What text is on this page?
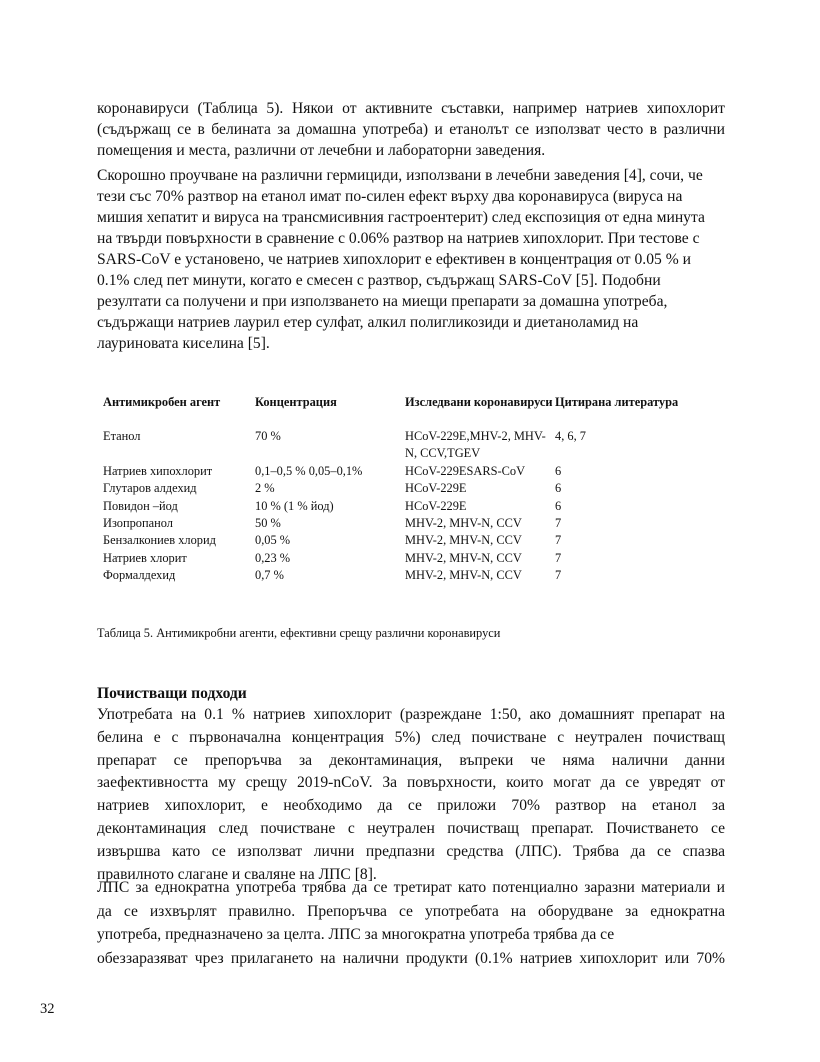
коронавируси (Таблица 5). Някои от активните съставки, например натриев хипохлорит
(съдържащ се в белината за домашна употреба) и етанолът се използват често в различни
помещения и места, различни от лечебни и лабораторни заведения.
Скорошно проучване на различни гермициди, използвани в лечебни заведения [4], сочи, че
тези със 70% разтвор на етанол имат по-силен ефект върху два коронавируса (вируса на
мишия хепатит и вируса на трансмисивния гастроентерит) след експозиция от една минута
на твърди повърхности в сравнение с 0.06% разтвор на натриев хипохлорит. При тестове с
SARS-CoV е установено, че натриев хипохлорит е ефективен в концентрация от 0.05 % и
0.1% след пет минути, когато е смесен с разтвор, съдържащ SARS-CoV [5]. Подобни
резултати са получени и при използването на миещи препарати за домашна употреба,
съдържащи натриев лаурил етер сулфат, алкил полигликозиди и диетаноламид на
лауриновата киселина [5].
Антимикробен агент	Концентрация	Изследвани коронавируси	Цитирана литература
Етанол	70 %	HCoV-229E,MHV-2, MHV-N, CCV,TGEV	4, 6, 7
Натриев хипохлорит	0,1–0,5 % 0,05–0,1%	HCoV-229ESARS-CoV	6
Глутаров алдехид	2 %	HCoV-229E	6
Повидон –йод	10 % (1 % йод)	HCoV-229E	6
Изопропанол	50 %	MHV-2, MHV-N, CCV	7
Бензалкониев хлорид	0,05 %	MHV-2, MHV-N, CCV	7
Натриев хлорит	0,23 %	MHV-2, MHV-N, CCV	7
Формалдехид	0,7 %	MHV-2, MHV-N, CCV	7
Таблица 5. Антимикробни агенти, ефективни срещу различни коронавируси
Почистващи подходи
Употребата на 0.1 % натриев хипохлорит (разреждане 1:50, ако домашният препарат на
белина е с първоначална концентрация 5%) след почистване с неутрален почистващ
препарат се препоръчва за деконтаминация, въпреки че няма налични данни
заефективността му срещу 2019-nCoV. За повърхности, които могат да се увредят от
натриев хипохлорит, е необходимо да се приложи 70% разтвор на етанол за
деконтаминация след почистване с неутрален почистващ препарат. Почистването се
извършва като се използват лични предпазни средства (ЛПС). Трябва да се спазва
правилното слагане и сваляне на ЛПС [8].
ЛПС за еднократна употреба трябва да се третират като потенциално заразни материали и
да се изхвърлят правилно. Препоръчва се употребата на оборудване за еднократна
употреба, предназначено за целта. ЛПС за многократна употреба трябва да се
обеззаразяват чрез прилагането на налични продукти (0.1% натриев хипохлорит или 70%
32
